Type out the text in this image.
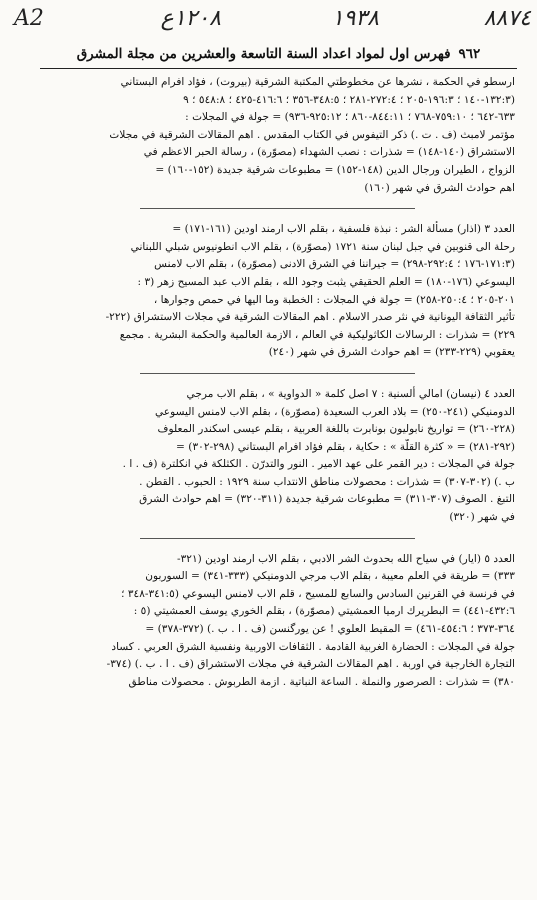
٨٨٧٤
١٩٣٨
١٢٠٨ع
A2
٩٦٢
فهرس اول لمواد اعداد السنة التاسعة والعشرين من مجلة المشرق
ارسطو في الحكمة ، نشرها عن مخطوطتي المكتبة الشرقية (بيروت) ، فؤاد افرام البستاني
(١٣٢:٣-١٤٠ ؛ ١٩٦:٣-٢٠٥ ؛ ٢٧٢:٤-٢٨١ ؛ ٣٤٨:٥-٣٥٦ ؛ ٤١٦:٦-٤٢٥ ؛ ٥٤٨:٨ ؛ ٩
٦٣٣-٦٤٢ ؛ ٧٥٩:١٠-٧٦٨ ؛ ٨٤٤:١١-٨٦٠ ؛ ٩٢٥:١٢-٩٣٦) = جولة في المجلات :
مؤتمر لامبث (ف . ت .) ذكر التيفوس في الكتاب المقدس . اهم المقالات الشرقية في مجلات
الاستشراق (١٤٠-١٤٨) = شذرات : نصب الشهداء (مصوّرة) ، رسالة الحبر الاعظم في
الزواج ، الطيران ورجال الدين (١٤٨-١٥٢) = مطبوعات شرقية جديدة (١٥٢-١٦٠) =
اهم حوادث الشرق في شهر (١٦٠)
العدد ٣ (اذار) مسألة الشر : نبذة فلسفية ، بقلم الاب ارمند اودين (١٦١-١٧١) =
رحلة الى قنوبين في جبل لبنان سنة ١٧٢١ (مصوّرة) ، بقلم الاب انطونيوس شبلي اللبناني
(١٧١:٣-١٧٦ ؛ ٢٩٢:٤-٢٩٨) = جيراننا في الشرق الادنى (مصوّرة) ، بقلم الاب لامنس
اليسوعي (١٧٦-١٨٠) = العلم الحقيقي يثبت وجود الله ، بقلم الاب عبد المسيح زهر (٣ :
٢٠١-٢٠٥ ؛ ٢٥٠:٤-٢٥٨) = جولة في المجلات : الخطبة وما اليها في حمص وجوارها ،
تأثير الثقافة اليونانية في نثر صدر الاسلام . اهم المقالات الشرقية في مجلات الاستشراق (٢٢٢-
٢٢٩) = شذرات : الرسالات الكاثوليكية في العالم ، الازمة العالمية والحكمة البشرية . مجمع
يعقوبي (٢٢٩-٢٣٣) = اهم حوادث الشرق في شهر (٢٤٠)
العدد ٤ (نيسان) امالي ألسنية : ٧ اصل كلمة « الدواوية » ، بقلم الاب مرجي
الدومنيكي (٢٤١-٢٥٠) = بلاد العرب السعيدة (مصوّرة) ، بقلم الاب لامنس اليسوعي
(٢٢٨-٢٦٠) = تواريخ نابوليون بونابرت باللغة العربية ، بقلم عيسى اسكندر المعلوف
(٢٩٢-٢٨١) = « كثرة القلّة » : حكاية ، بقلم فؤاد افرام البستاني (٢٩٨-٣٠٢) =
جولة في المجلات : دير القمر على عهد الامير . النور والتدرّن . الكثلكة في انكلترة (ف . ا .
ب .) (٣٠٢-٣٠٧) = شذرات : محصولات مناطق الانتداب سنة ١٩٢٩ : الحبوب . القطن .
التبغ . الصوف (٣٠٧-٣١١) = مطبوعات شرقية جديدة (٣١١-٣٢٠) = اهم حوادث الشرق
في شهر (٣٢٠)
العدد ٥ (ايار) في سياح الله بحدوث الشر الادبي ، بقلم الاب ارمند اودين (٣٢١-
٣٣٣) = طريقة في العلم معيبة ، بقلم الاب مرجي الدومنيكي (٣٣٣-٣٤١) = السوربون
في فرنسة في القرنين السادس والسابع للمسيح ، قلم الاب لامنس اليسوعي (٣٤١:٥-٣٤٨ ؛
٤٣٢:٦-٤٤١) = البطريرك ارميا العمشيتي (مصوّرة) ، بقلم الخوري يوسف العمشيتي (٥ :
٣٦٤-٣٧٣ ؛ ٤٥٤:٦-٤٦١) = المقيط العلوي ! عن يورگنسن (ف . ا . ب .) (٣٧٢-٣٧٨) =
جولة في المجلات : الحضارة الغربية القادمة . الثقافات الاوربية ونفسية الشرق العربي . كساد
التجارة الخارجية في اوربة . اهم المقالات الشرقية في مجلات الاستشراق (ف . ا . ب .) (٣٧٤-
٣٨٠) = شذرات : الصرصور والنملة . الساعة النباتية . ازمة الطربوش . محصولات مناطق
